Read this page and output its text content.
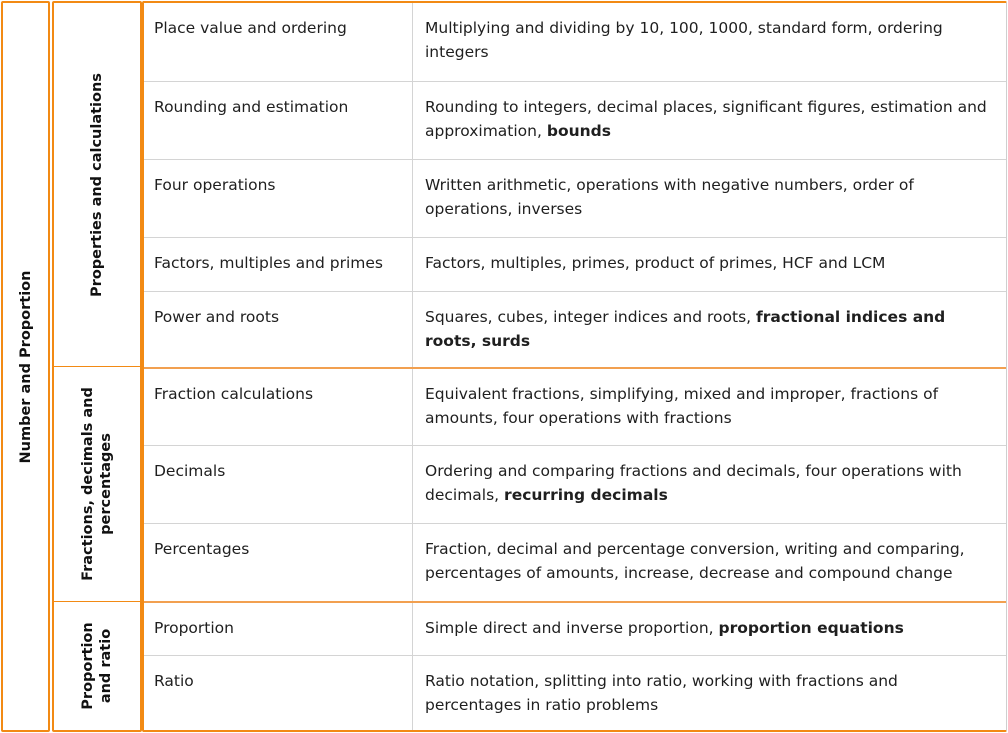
Number and Proportion
Properties and calculations
Fractions, decimals and percentages
Proportion and ratio
Place value and ordering	Multiplying and dividing by 10, 100, 1000, standard form, ordering integers
Rounding and estimation	Rounding to integers, decimal places, significant figures, estimation and approximation, bounds
Four operations	Written arithmetic, operations with negative numbers, order of operations, inverses
Factors, multiples and primes	Factors, multiples, primes, product of primes, HCF and LCM
Power and roots	Squares, cubes, integer indices and roots, fractional indices and roots, surds
Fraction calculations	Equivalent fractions, simplifying, mixed and improper, fractions of amounts, four operations with fractions
Decimals	Ordering and comparing fractions and decimals, four operations with decimals, recurring decimals
Percentages	Fraction, decimal and percentage conversion, writing and comparing, percentages of amounts, increase, decrease and compound change
Proportion	Simple direct and inverse proportion, proportion equations
Ratio	Ratio notation, splitting into ratio, working with fractions and percentages in ratio problems
